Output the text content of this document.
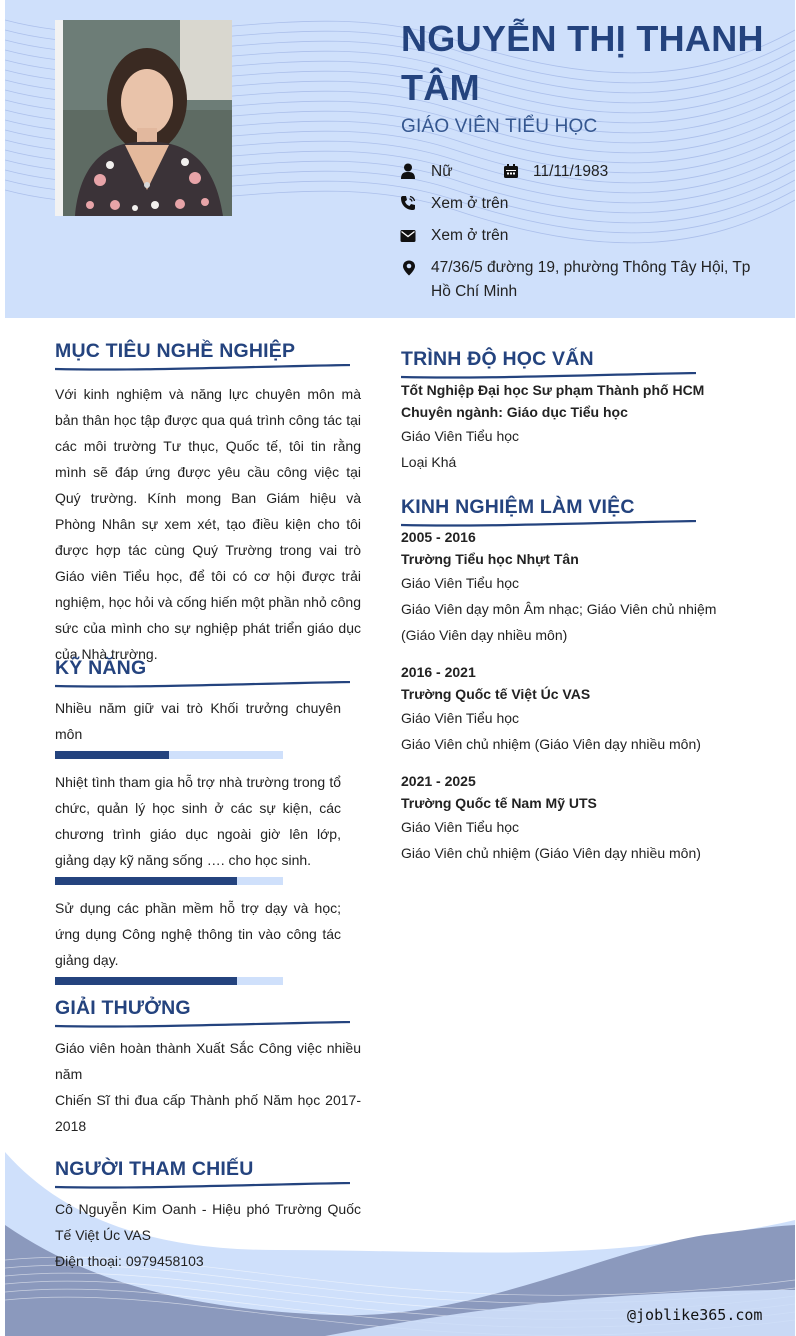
NGUYỄN THỊ THANH
TÂM
GIÁO VIÊN TIỂU HỌC
Nữ	11/11/1983
Xem ở trên
Xem ở trên
47/36/5 đường 19, phường Thông Tây Hội, Tp Hồ Chí Minh
MỤC TIÊU NGHỀ NGHIỆP
Với kinh nghiệm và năng lực chuyên môn mà bản thân học tập được qua quá trình công tác tại các môi trường Tư thục, Quốc tế, tôi tin rằng mình sẽ đáp ứng được yêu cầu công việc tại Quý trường. Kính mong Ban Giám hiệu và Phòng Nhân sự xem xét, tạo điều kiện cho tôi được hợp tác cùng Quý Trường trong vai trò Giáo viên Tiểu học, để tôi có cơ hội được trải nghiệm, học hỏi và cống hiến một phần nhỏ công sức của mình cho sự nghiệp phát triển giáo dục của Nhà trường.
KỸ NĂNG
Nhiều năm giữ vai trò Khối trưởng chuyên môn
Nhiệt tình tham gia hỗ trợ nhà trường trong tổ chức, quản lý học sinh ở các sự kiện, các chương trình giáo dục ngoài giờ lên lớp, giảng dạy kỹ năng sống …. cho học sinh.
Sử dụng các phần mềm hỗ trợ dạy và học; ứng dụng Công nghệ thông tin vào công tác giảng dạy.
GIẢI THƯỞNG
Giáo viên hoàn thành Xuất Sắc Công việc nhiều năm
Chiến Sĩ thi đua cấp Thành phố Năm học 2017-2018
NGƯỜI THAM CHIẾU
Cô Nguyễn Kim Oanh - Hiệu phó Trường Quốc Tế Việt Úc VAS
Điện thoại: 0979458103
TRÌNH ĐỘ HỌC VẤN
Tốt Nghiệp Đại học Sư phạm Thành phố HCM
Chuyên ngành: Giáo dục Tiểu học
Giáo Viên Tiểu học
Loại Khá
KINH NGHIỆM LÀM VIỆC
2005 - 2016
Trường Tiểu học Nhựt Tân
Giáo Viên Tiểu học
Giáo Viên dạy môn Âm nhạc; Giáo Viên chủ nhiệm (Giáo Viên dạy nhiều môn)
2016 - 2021
Trường Quốc tế Việt Úc VAS
Giáo Viên Tiểu học
Giáo Viên chủ nhiệm (Giáo Viên dạy nhiều môn)
2021 - 2025
Trường Quốc tế Nam Mỹ UTS
Giáo Viên Tiểu học
Giáo Viên chủ nhiệm (Giáo Viên dạy nhiều môn)
@joblike365.com
